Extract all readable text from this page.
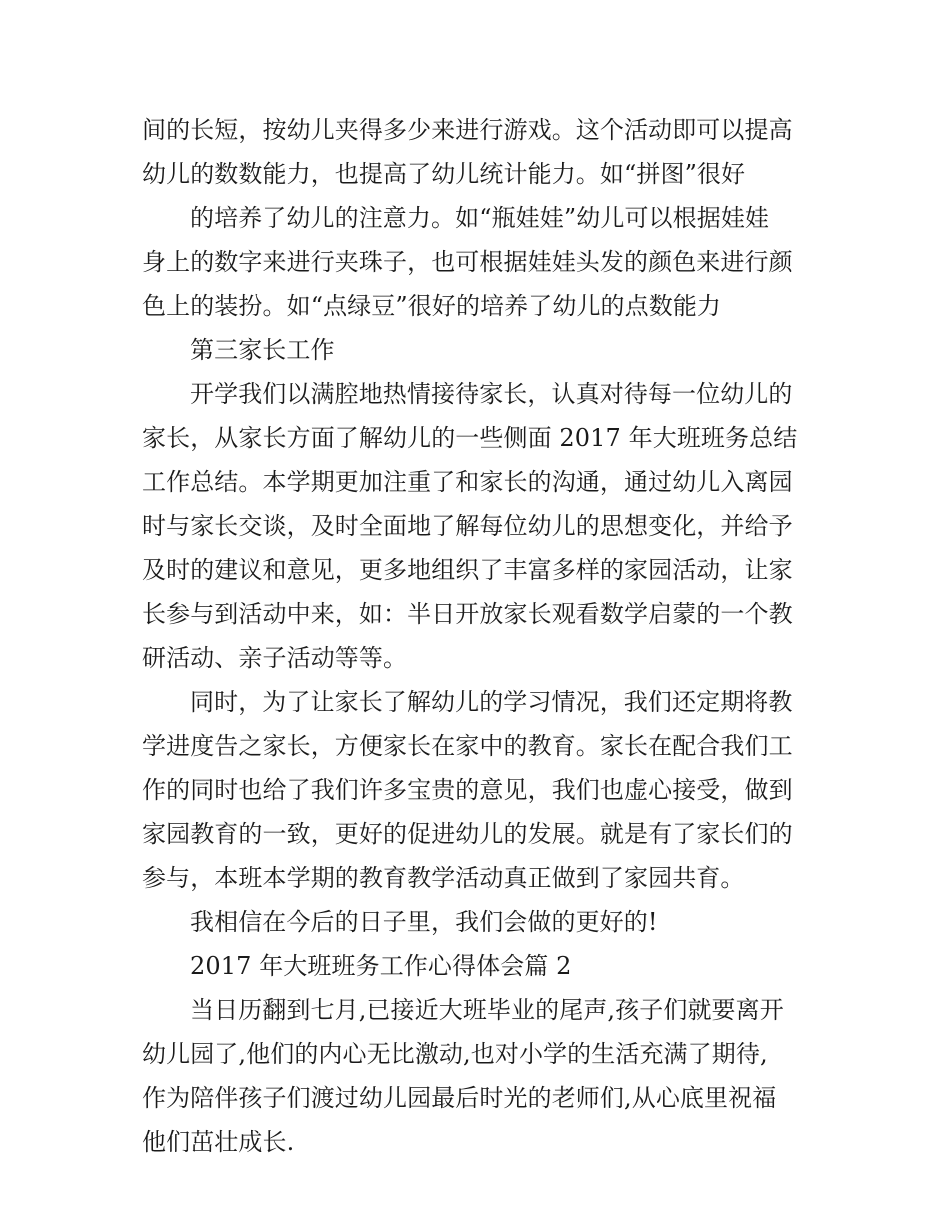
间的长短，按幼儿夹得多少来进行游戏。这个活动即可以提高
幼儿的数数能力，也提高了幼儿统计能力。如“拼图”很好
的培养了幼儿的注意力。如“瓶娃娃”幼儿可以根据娃娃
身上的数字来进行夹珠子，也可根据娃娃头发的颜色来进行颜
色上的装扮。如“点绿豆”很好的培养了幼儿的点数能力
第三家长工作
开学我们以满腔地热情接待家长，认真对待每一位幼儿的
家长，从家长方面了解幼儿的一些侧面 2017 年大班班务总结
工作总结。本学期更加注重了和家长的沟通，通过幼儿入离园
时与家长交谈，及时全面地了解每位幼儿的思想变化，并给予
及时的建议和意见，更多地组织了丰富多样的家园活动，让家
长参与到活动中来，如：半日开放家长观看数学启蒙的一个教
研活动、亲子活动等等。
同时，为了让家长了解幼儿的学习情况，我们还定期将教
学进度告之家长，方便家长在家中的教育。家长在配合我们工
作的同时也给了我们许多宝贵的意见，我们也虚心接受，做到
家园教育的一致，更好的促进幼儿的发展。就是有了家长们的
参与，本班本学期的教育教学活动真正做到了家园共育。
我相信在今后的日子里，我们会做的更好的!
2017 年大班班务工作心得体会篇 2
当日历翻到七月,已接近大班毕业的尾声,孩子们就要离开
幼儿园了,他们的内心无比激动,也对小学的生活充满了期待,
作为陪伴孩子们渡过幼儿园最后时光的老师们,从心底里祝福
他们茁壮成长.
